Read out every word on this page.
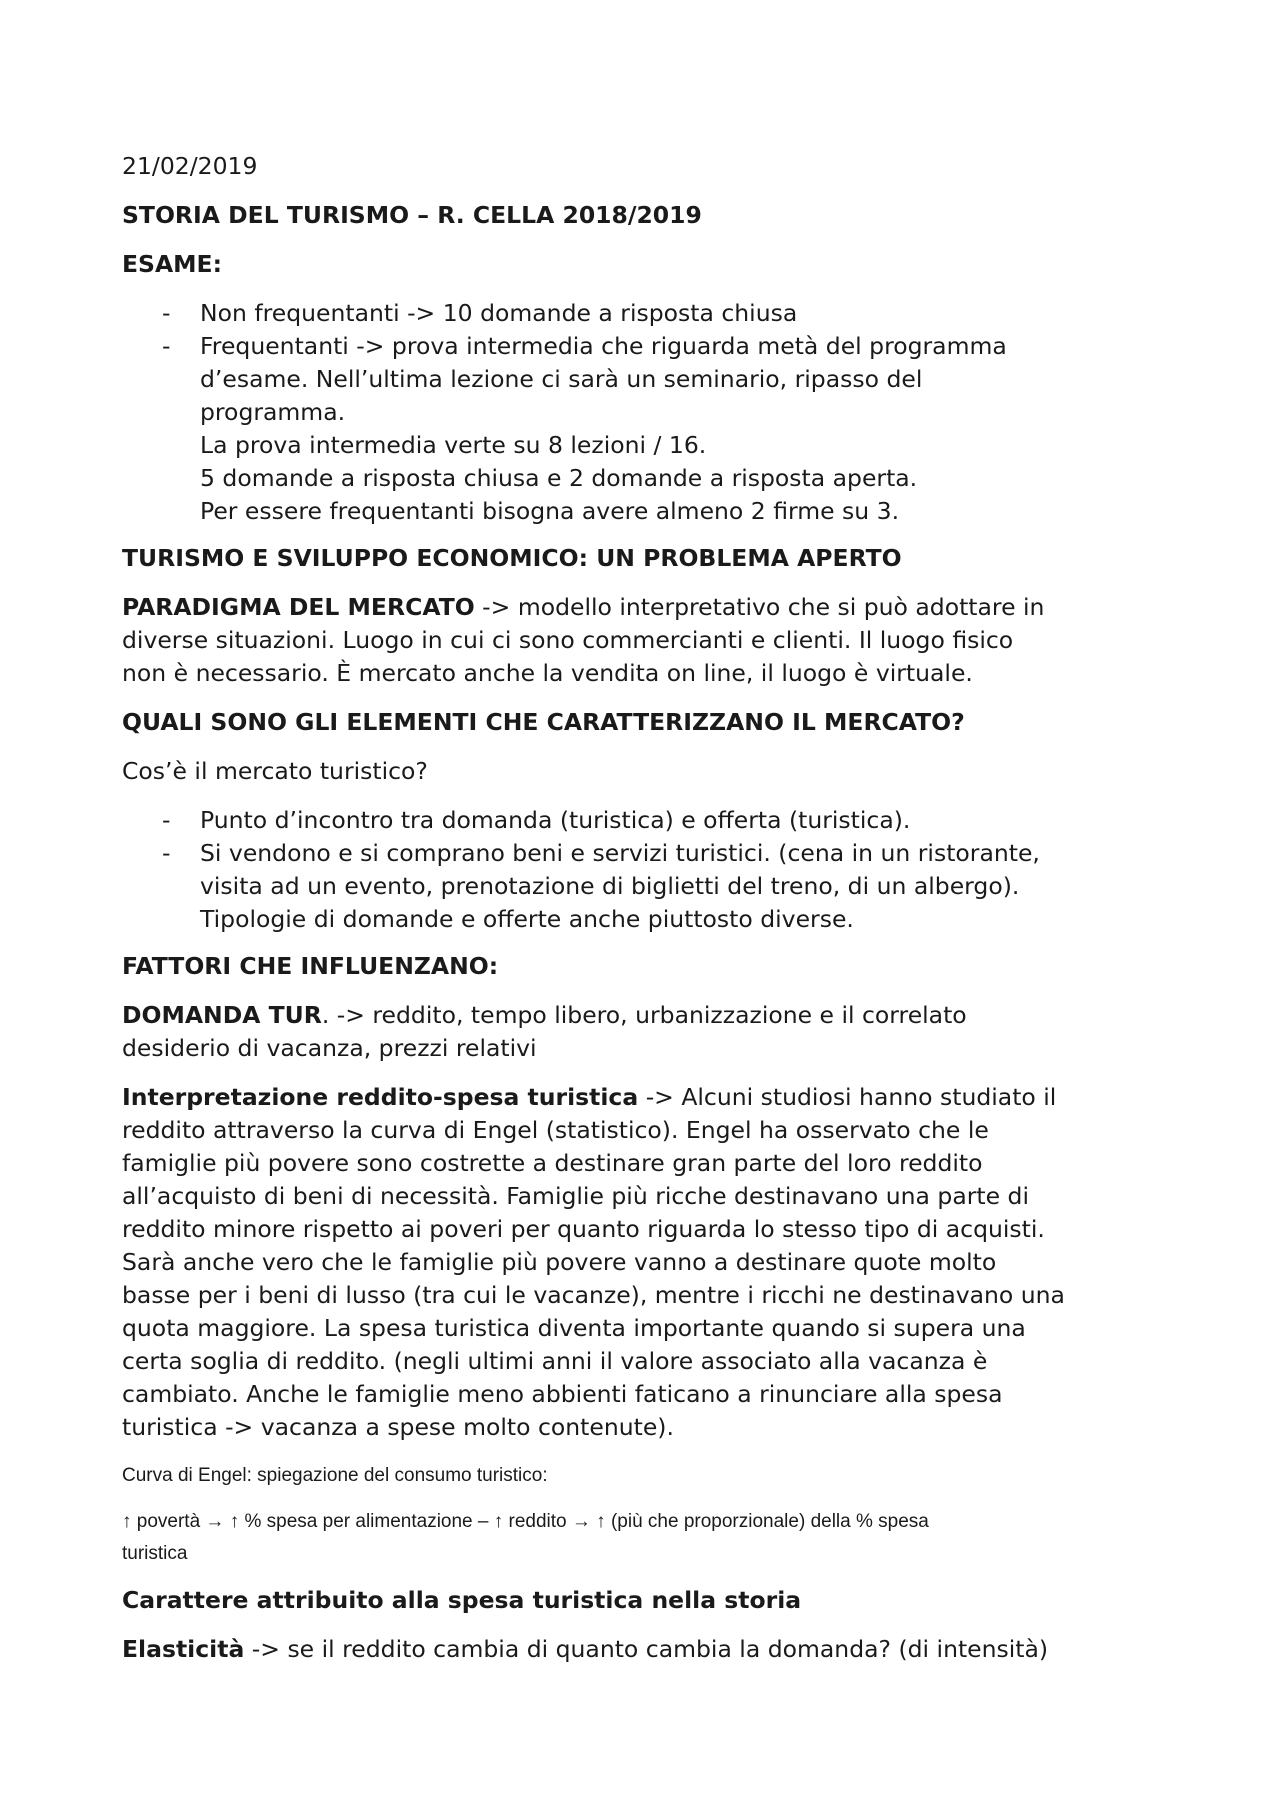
21/02/2019

STORIA DEL TURISMO – R. CELLA 2018/2019

ESAME:

- Non frequentanti -> 10 domande a risposta chiusa
- Frequentanti -> prova intermedia che riguarda metà del programma
d’esame. Nell’ultima lezione ci sarà un seminario, ripasso del
programma.
La prova intermedia verte su 8 lezioni / 16.
5 domande a risposta chiusa e 2 domande a risposta aperta.
Per essere frequentanti bisogna avere almeno 2 firme su 3.

TURISMO E SVILUPPO ECONOMICO: UN PROBLEMA APERTO

PARADIGMA DEL MERCATO -> modello interpretativo che si può adottare in
diverse situazioni. Luogo in cui ci sono commercianti e clienti. Il luogo fisico
non è necessario. È mercato anche la vendita on line, il luogo è virtuale.

QUALI SONO GLI ELEMENTI CHE CARATTERIZZANO IL MERCATO?

Cos’è il mercato turistico?

- Punto d’incontro tra domanda (turistica) e offerta (turistica).
- Si vendono e si comprano beni e servizi turistici. (cena in un ristorante,
visita ad un evento, prenotazione di biglietti del treno, di un albergo).
Tipologie di domande e offerte anche piuttosto diverse.

FATTORI CHE INFLUENZANO:

DOMANDA TUR. -> reddito, tempo libero, urbanizzazione e il correlato
desiderio di vacanza, prezzi relativi

Interpretazione reddito-spesa turistica -> Alcuni studiosi hanno studiato il
reddito attraverso la curva di Engel (statistico). Engel ha osservato che le
famiglie più povere sono costrette a destinare gran parte del loro reddito
all’acquisto di beni di necessità. Famiglie più ricche destinavano una parte di
reddito minore rispetto ai poveri per quanto riguarda lo stesso tipo di acquisti.
Sarà anche vero che le famiglie più povere vanno a destinare quote molto
basse per i beni di lusso (tra cui le vacanze), mentre i ricchi ne destinavano una
quota maggiore. La spesa turistica diventa importante quando si supera una
certa soglia di reddito. (negli ultimi anni il valore associato alla vacanza è
cambiato. Anche le famiglie meno abbienti faticano a rinunciare alla spesa
turistica -> vacanza a spese molto contenute).

Curva di Engel: spiegazione del consumo turistico:

↑ povertà → ↑ % spesa per alimentazione – ↑ reddito → ↑ (più che proporzionale) della % spesa
turistica

Carattere attribuito alla spesa turistica nella storia

Elasticità -> se il reddito cambia di quanto cambia la domanda? (di intensità)
